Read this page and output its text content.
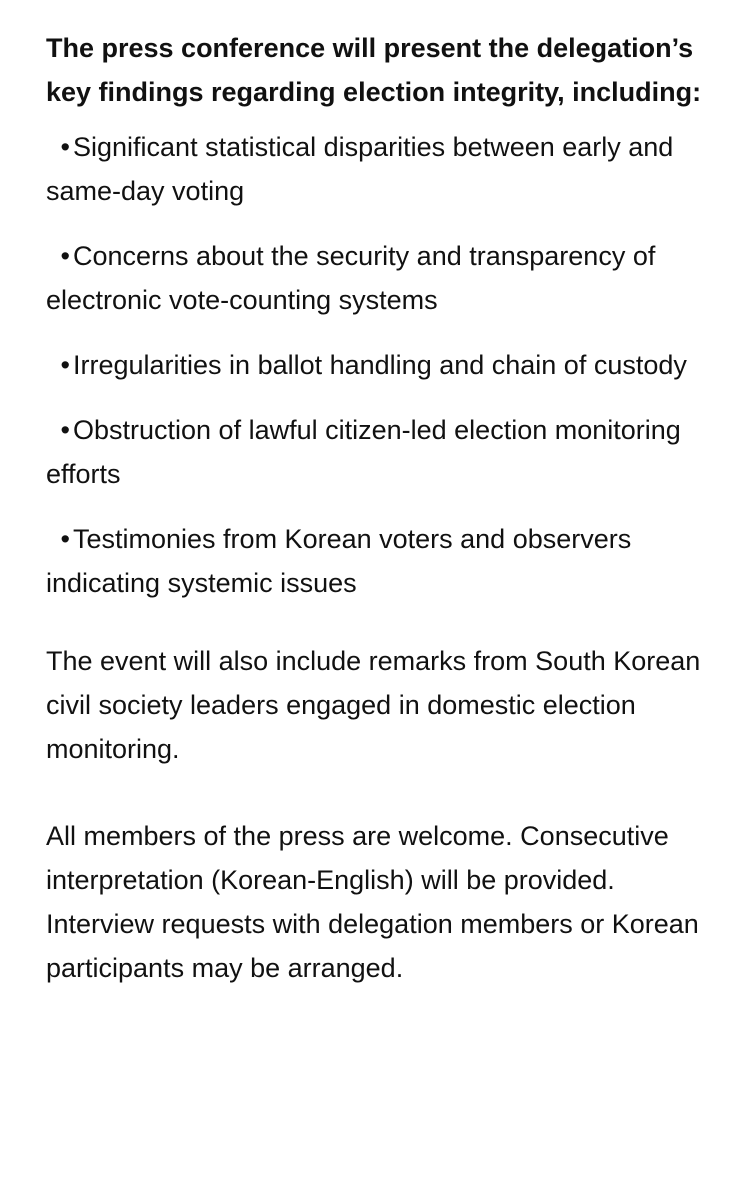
The press conference will present the delegation’s key findings regarding election integrity, including:

• Significant statistical disparities between early and same-day voting
• Concerns about the security and transparency of electronic vote-counting systems
• Irregularities in ballot handling and chain of custody
• Obstruction of lawful citizen-led election monitoring efforts
• Testimonies from Korean voters and observers indicating systemic issues

The event will also include remarks from South Korean civil society leaders engaged in domestic election monitoring.

All members of the press are welcome. Consecutive interpretation (Korean-English) will be provided. Interview requests with delegation members or Korean participants may be arranged.
